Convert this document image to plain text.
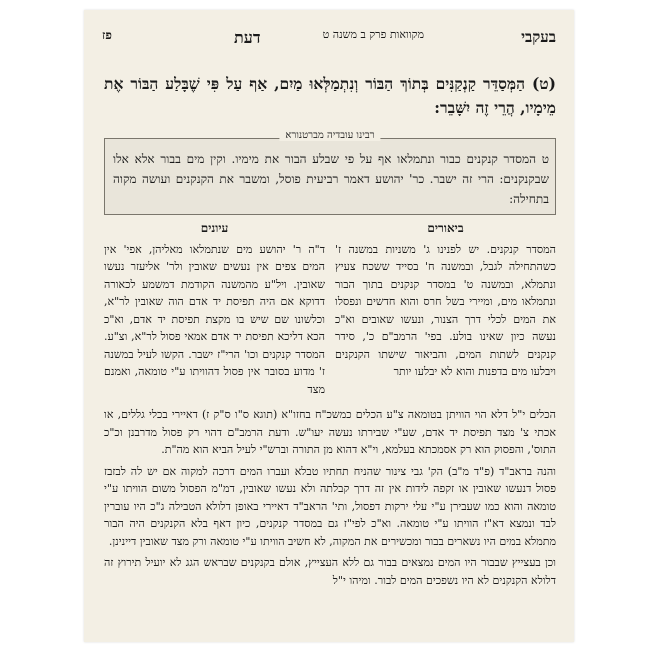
בעקבי
מקוואות פרק ב משנה ט
דעת
פז
(ט) הַמְּסַדֵּר קַנְקַנִּים בְּתוֹךְ הַבּוֹר וְנִתְמַלְּאוּ מַיִם, אַף עַל פִּי שֶׁבָּלַע הַבּוֹר אֶת מֵימָיו, הֲרֵי זֶה יִשָּׁבֵר:
רבינו עובדיה מברטנורא
ט המסדר קנקנים כבור ונתמלאו אף על פי שבלע הבור את מימיו. וקין מים בבור אלא אלו שבקנקנים: הרי זה ישבר. כר' יהושע דאמר רביעית פוסל, ומשבר את הקנקנים ועושה מקוה בתחילה:
ביאורים
המסדר קנקנים. יש לפנינו ג' משניות במשנה ז' כשהתחילה לגבל, ובמשנה ח' בסייד ששכח צעיץ ונתמלא, ובמשנה ט' במסדר קנקנים בתוך הבור ונתמלאו מים, ומיירי בשל חרס והוא חדשים ונפסלו את המים לכלי דרך הצנור, ונעשו שאובים וא"כ נעשה כיון שאינו בולע. בפי' הרמב"ם כ', סידר קנקנים לשתות המים, והביאור שישתו הקנקנים ויבלעו מים בדפנות והוא לא יבלעו יותר
עיונים
ד"ה ר' יהושע מים שנתמלאו מאליהן, אפי' אין המים צפים אין נעשים שאובין ולר' אליעזר נעשו שאובין. ויל"ע מהמשנה הקודמת דמשמע לכאורה דדוקא אם היה תפיסת יד אדם הוה שאובין לר"א, וכלשונו שם שיש בו מקצת תפיסת יד אדם, וא"כ הכא דליכא תפיסת יד אדם אמאי פסול לר"א, וצ"ע. המסדר קנקנים וכו' הרי"ז ישבר. הקשו לעיל במשנה ז' מדוע בסובר אין פסול דהוויתו ע"י טומאה, ואמנם מצד

הכלים י"ל דלא הוי הוויתן בטומאה צ"ע הכלים כמשכ"ח בחזו"א (תוגא ס"ו ס"ק ז) דאיירי בכלי גללים, או אכתי צ' מצד תפיסת יד אדם, שע"י שבירתו נעשה יעו"ש. ודעת הרמב"ם דהוי רק פסול מדרבנן וכ"כ התוס', והפסוק הוא רק אסמכתא בעלמא, וי"א דהוא מן התורה וברש"י לעיל הביא הוא מה"ת.

והנה בראב"ד (פ"ד מ"ב) הק' גבי צינור שהניח תחתיו טבלא ועברו המים דרכה למקוה אם יש לה לבזבז פסול דנעשו שאובין או זקפה לידות אין זה דרך קבלתה ולא נעשו שאובין, דמ"מ הפסול משום הוויתו ע"י טומאה והוא כמו שעבירן ע"י עלי ירקות דפסול, ותי' הראב"ד דאיירי באופן דלולא הטבילה ג"כ היו עוברין לבד ונמצא דא"ז הוויתו ע"י טומאה. וא"כ לפי"ז גם במסדר קנקנים, כיון דאף בלא הקנקנים היה הבור מתמלא במים היו נשארים בבור ומכשירים את המקוה, לא חשיב הוויתו ע"י טומאה ורק מצד שאובין דיינינן.

וכן בעצייץ שבבור היו המים נמצאים בבור גם ללא העצייץ, אולם בקנקנים שבראש הגג לא יועיל תירוץ זה דלולא הקנקנים לא היו נשפכים המים לבור. ומיהו י"ל
